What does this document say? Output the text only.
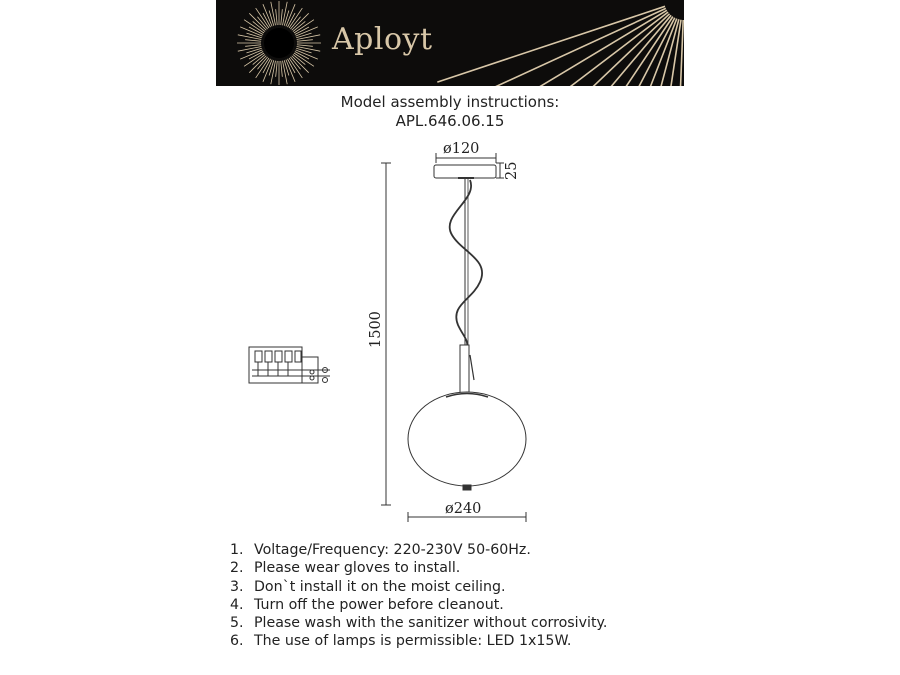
Aployt
Model assembly instructions:
APL.646.06.15
ø120
25
1500
ø240
1. Voltage/Frequency: 220-230V 50-60Hz.
2. Please wear gloves to install.
3. Don`t install it on the moist ceiling.
4. Turn off the power before cleanout.
5. Please wash with the sanitizer without corrosivity.
6. The use of lamps is permissible: LED 1x15W.
